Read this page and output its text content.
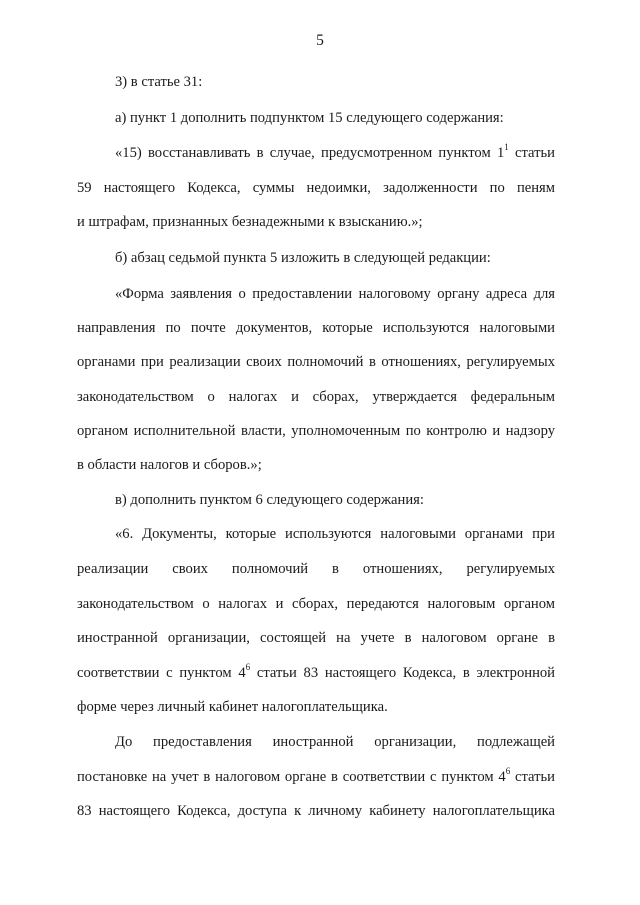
5
3) в статье 31:
а) пункт 1 дополнить подпунктом 15 следующего содержания:
«15) восстанавливать в случае, предусмотренном пунктом $1^1$ статьи
59 настоящего Кодекса, суммы недоимки, задолженности по пеням
и штрафам, признанных безнадежными к взысканию.»;
б) абзац седьмой пункта 5 изложить в следующей редакции:
«Форма заявления о предоставлении налоговому органу адреса для
направления по почте документов, которые используются налоговыми
органами при реализации своих полномочий в отношениях, регулируемых
законодательством о налогах и сборах, утверждается федеральным
органом исполнительной власти, уполномоченным по контролю и надзору
в области налогов и сборов.»;
в) дополнить пунктом 6 следующего содержания:
«6. Документы, которые используются налоговыми органами при
реализации своих полномочий в отношениях, регулируемых
законодательством о налогах и сборах, передаются налоговым органом
иностранной организации, состоящей на учете в налоговом органе в
соответствии с пунктом $4^6$ статьи 83 настоящего Кодекса, в электронной
форме через личный кабинет налогоплательщика.
До предоставления иностранной организации, подлежащей
постановке на учет в налоговом органе в соответствии с пунктом $4^6$ статьи
83 настоящего Кодекса, доступа к личному кабинету налогоплательщика
